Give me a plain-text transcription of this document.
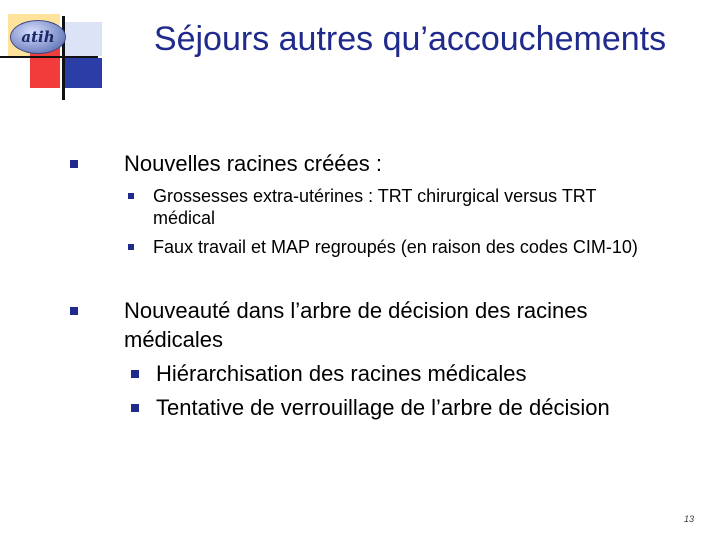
atih	Séjours autres qu’accouchements
Nouvelles racines créées :
Grossesses extra-utérines : TRT chirurgical versus TRT
médical
Faux travail et MAP regroupés (en raison des codes CIM-10)
Nouveauté dans l’arbre de décision des racines
médicales
Hiérarchisation des racines médicales
Tentative de verrouillage de l’arbre de décision
13
